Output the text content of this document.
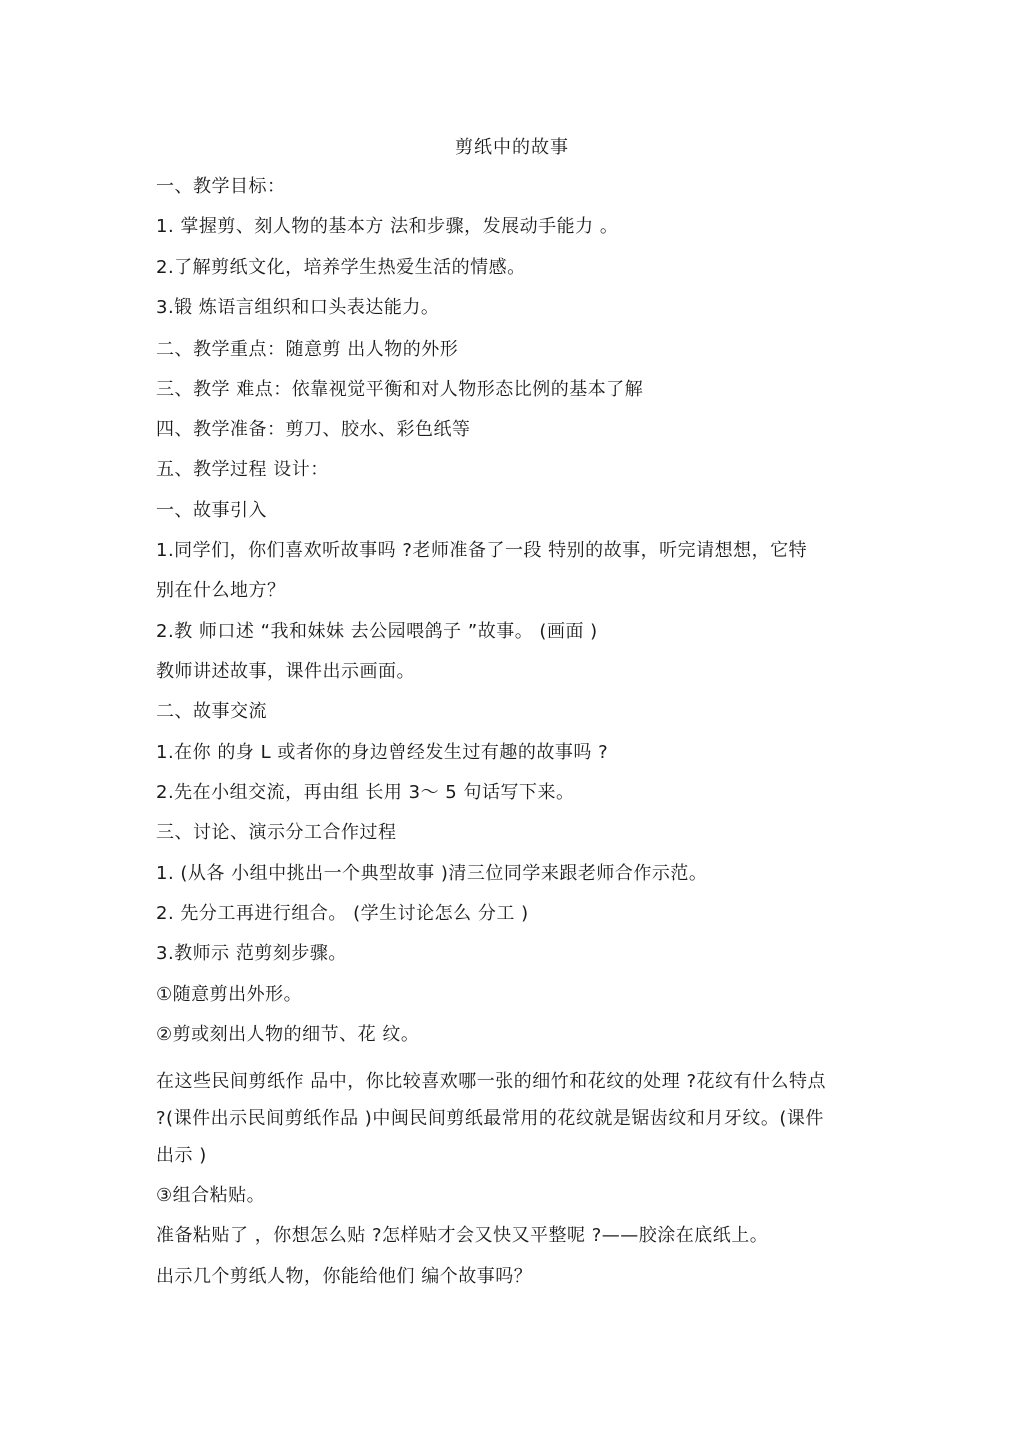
剪纸中的故事
一、教学目标：
1. 掌握剪、刻人物的基本方 法和步骤，发展动手能力 。
2.了解剪纸文化，培养学生热爱生活的情感。
3.锻 炼语言组织和口头表达能力。
二、教学重点：随意剪 出人物的外形
三、教学 难点：依靠视觉平衡和对人物形态比例的基本了解
四、教学准备：剪刀、胶水、彩色纸等
五、教学过程 设计：
一、故事引入
1.同学们，你们喜欢听故事吗 ?老师准备了一段 特别的故事，听完请想想，它特
别在什么地方？
2.教 师口述 “我和妹妹 去公园喂鸽子 ”故事。 (画面 )
教师讲述故事，课件出示画面。
二、故事交流
1.在你 的身 L 或者你的身边曾经发生过有趣的故事吗 ?
2.先在小组交流，再由组 长用 3～ 5 句话写下来。
三、讨论、演示分工合作过程
1. (从各 小组中挑出一个典型故事 )清三位同学来跟老师合作示范。
2. 先分工再进行组合。 (学生讨论怎么 分工 )
3.教师示 范剪刻步骤。
①随意剪出外形。
②剪或刻出人物的细节、花 纹。
在这些民间剪纸作 品中，你比较喜欢哪一张的细竹和花纹的处理 ?花纹有什么特点
?(课件出示民间剪纸作品 )中闽民间剪纸最常用的花纹就是锯齿纹和月牙纹。(课件
出示 )
③组合粘贴。
准备粘贴了 ，你想怎么贴 ?怎样贴才会又快又平整呢 ?——胶涂在底纸上。
出示几个剪纸人物，你能给他们 编个故事吗？
